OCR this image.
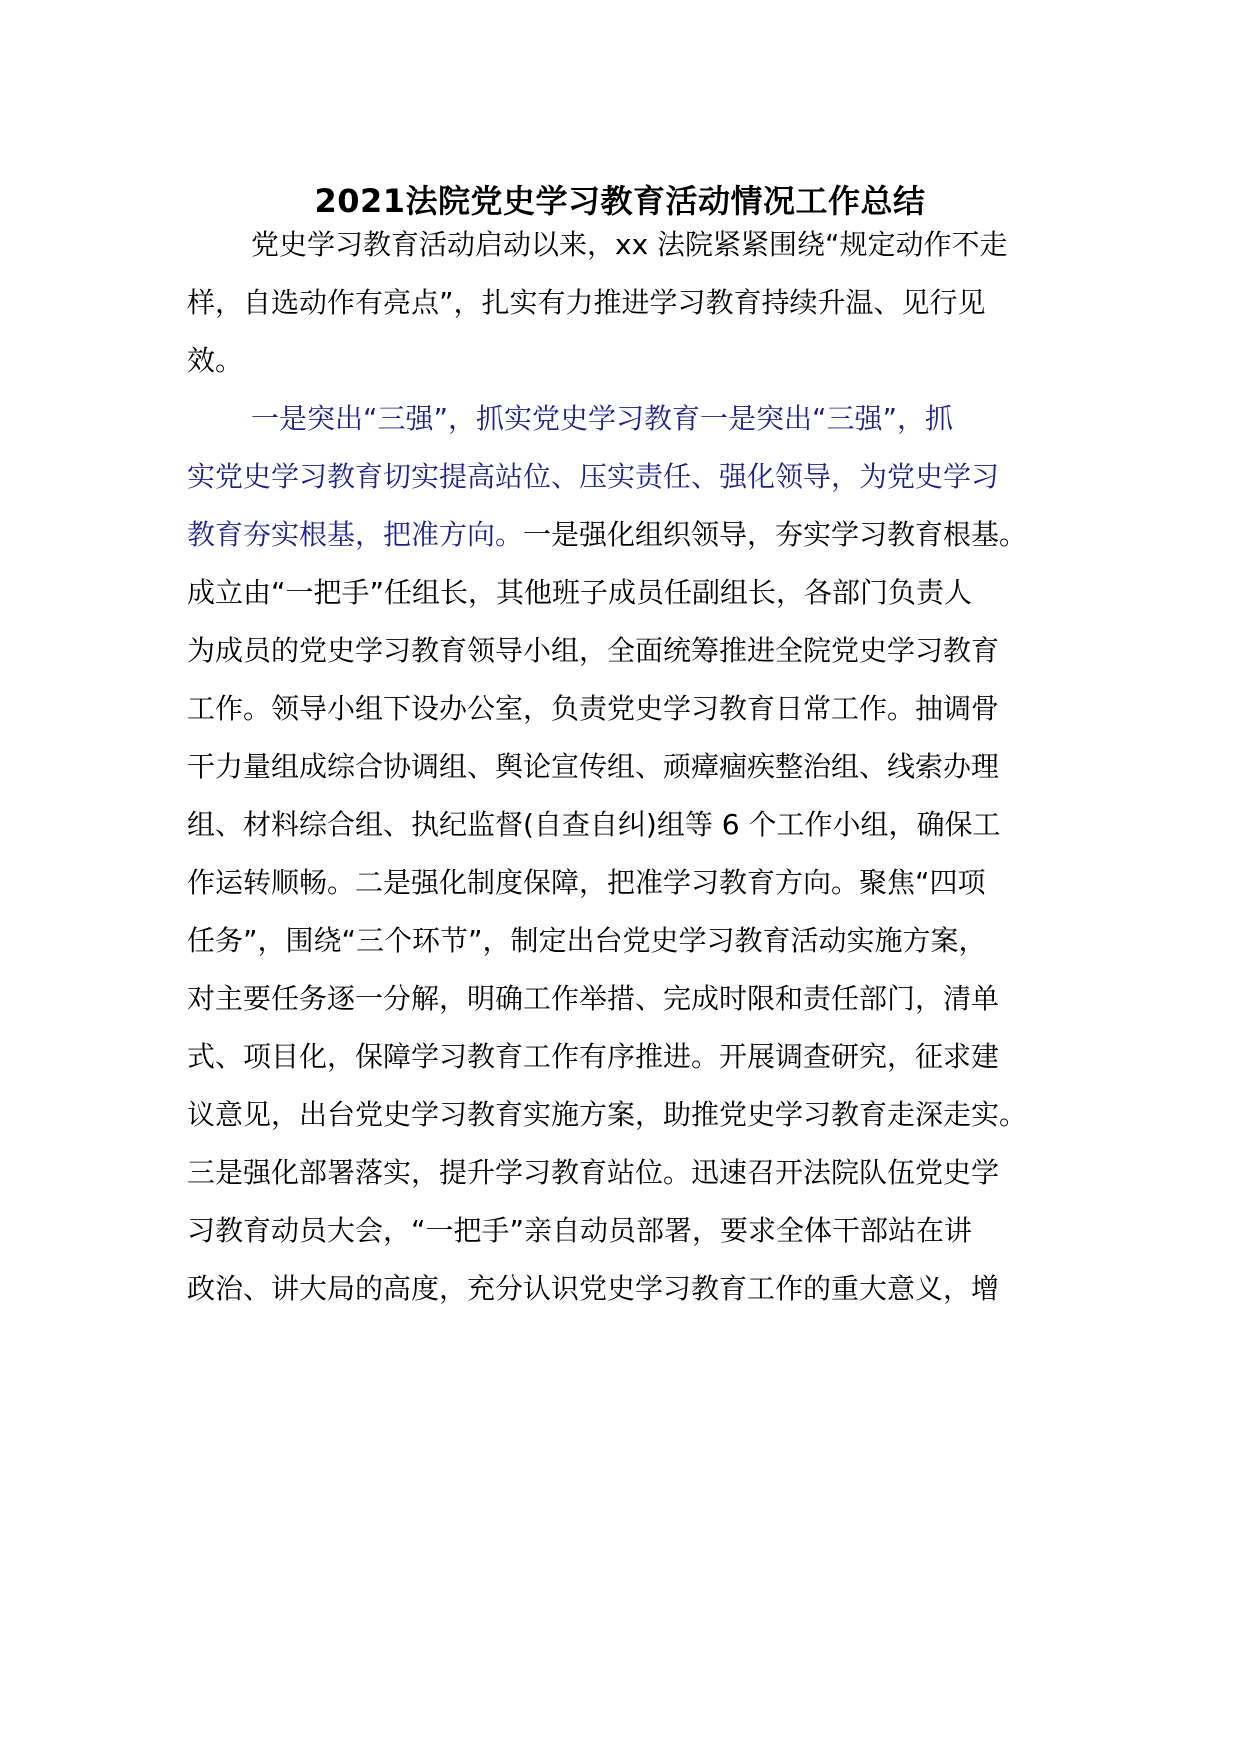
2021法院党史学习教育活动情况工作总结
党史学习教育活动启动以来，xx 法院紧紧围绕“规定动作不走
样，自选动作有亮点”，扎实有力推进学习教育持续升温、见行见
效。
一是突出“三强”，抓实党史学习教育一是突出“三强”，抓
实党史学习教育切实提高站位、压实责任、强化领导，为党史学习
教育夯实根基，把准方向。一是强化组织领导，夯实学习教育根基。
成立由“一把手”任组长，其他班子成员任副组长，各部门负责人
为成员的党史学习教育领导小组，全面统筹推进全院党史学习教育
工作。领导小组下设办公室，负责党史学习教育日常工作。抽调骨
干力量组成综合协调组、舆论宣传组、顽瘴痼疾整治组、线索办理
组、材料综合组、执纪监督(自查自纠)组等 6 个工作小组，确保工
作运转顺畅。二是强化制度保障，把准学习教育方向。聚焦“四项
任务”，围绕“三个环节”，制定出台党史学习教育活动实施方案，
对主要任务逐一分解，明确工作举措、完成时限和责任部门，清单
式、项目化，保障学习教育工作有序推进。开展调查研究，征求建
议意见，出台党史学习教育实施方案，助推党史学习教育走深走实。
三是强化部署落实，提升学习教育站位。迅速召开法院队伍党史学
习教育动员大会，“一把手”亲自动员部署，要求全体干部站在讲
政治、讲大局的高度，充分认识党史学习教育工作的重大意义，增
